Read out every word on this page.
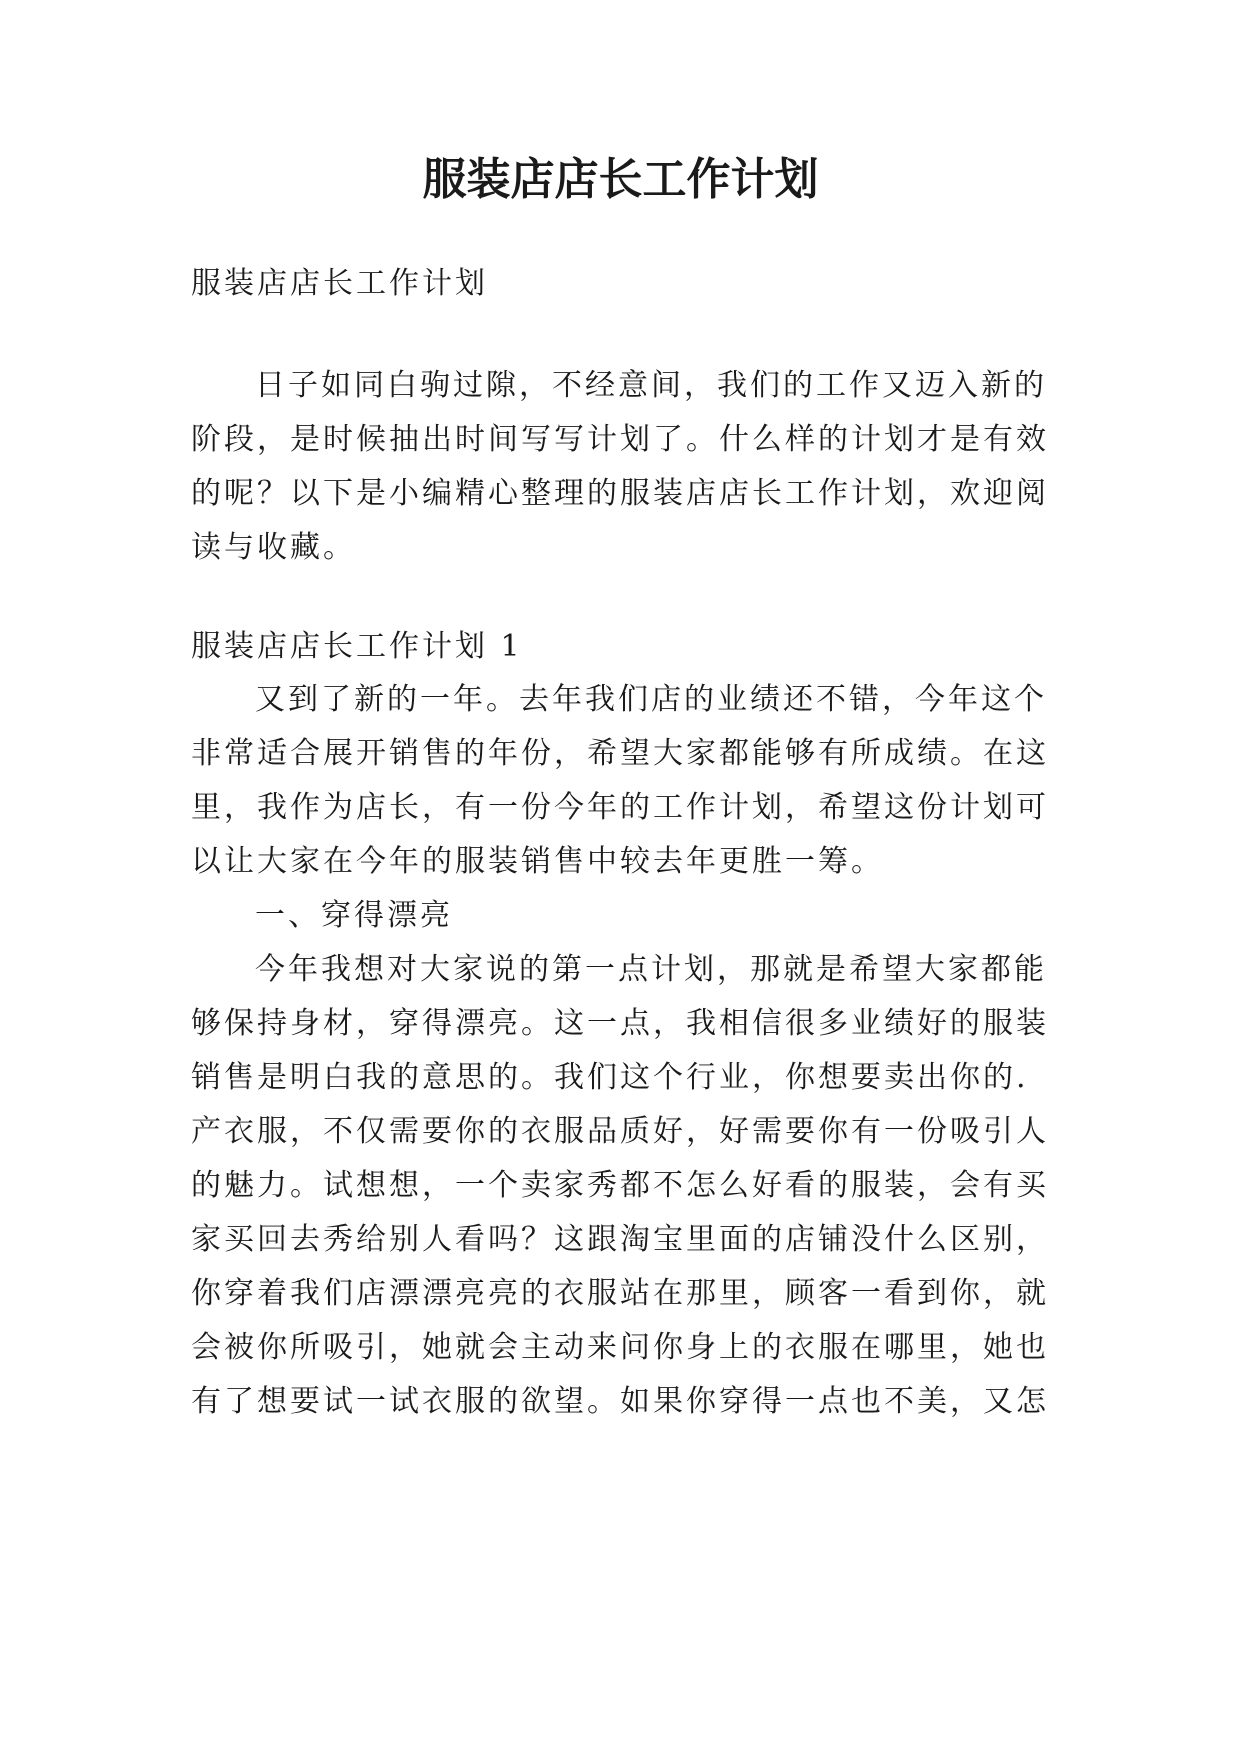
服装店店长工作计划

服装店店长工作计划

日子如同白驹过隙，不经意间，我们的工作又迈入新的

阶段，是时候抽出时间写写计划了。什么样的计划才是有效

的呢？以下是小编精心整理的服装店店长工作计划，欢迎阅

读与收藏。

服装店店长工作计划 1

又到了新的一年。去年我们店的业绩还不错，今年这个

非常适合展开销售的年份，希望大家都能够有所成绩。在这

里，我作为店长，有一份今年的工作计划，希望这份计划可

以让大家在今年的服装销售中较去年更胜一筹。

一、穿得漂亮

今年我想对大家说的第一点计划，那就是希望大家都能

够保持身材，穿得漂亮。这一点，我相信很多业绩好的服装

销售是明白我的意思的。我们这个行业，你想要卖出你的.

产衣服，不仅需要你的衣服品质好，好需要你有一份吸引人

的魅力。试想想，一个卖家秀都不怎么好看的服装，会有买

家买回去秀给别人看吗？这跟淘宝里面的店铺没什么区别，

你穿着我们店漂漂亮亮的衣服站在那里，顾客一看到你，就

会被你所吸引，她就会主动来问你身上的衣服在哪里，她也

有了想要试一试衣服的欲望。如果你穿得一点也不美，又怎
